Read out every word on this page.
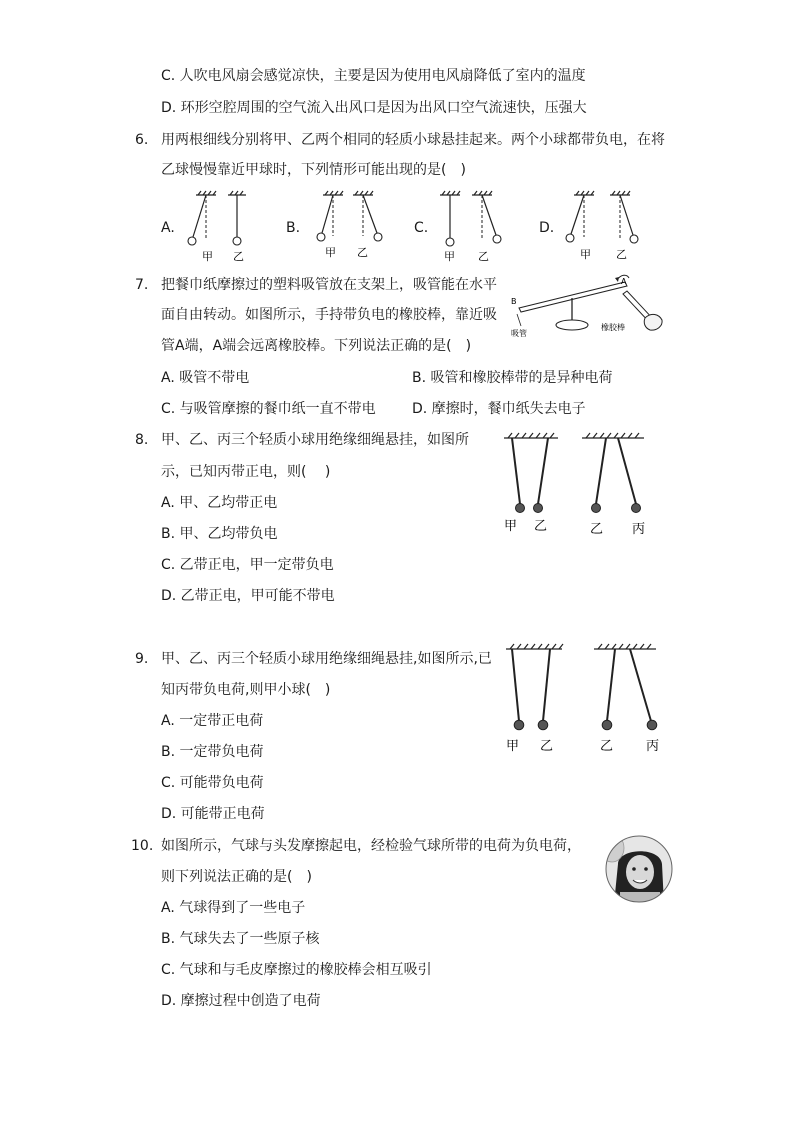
C. 人吹电风扇会感觉凉快，主要是因为使用电风扇降低了室内的温度
D. 环形空腔周围的空气流入出风口是因为出风口空气流速快，压强大
6. 用两根细线分别将甲、乙两个相同的轻质小球悬挂起来。两个小球都带负电，在将
乙球慢慢靠近甲球时，下列情形可能出现的是(　)
A.	B.	C.	D.
甲 乙	甲 乙	甲 乙	甲 乙
7. 把餐巾纸摩擦过的塑料吸管放在支架上，吸管能在水平
面自由转动。如图所示，手持带负电的橡胶棒，靠近吸
管A端，A端会远离橡胶棒。下列说法正确的是(　)
A. 吸管不带电	B. 吸管和橡胶棒带的是异种电荷
C. 与吸管摩擦的餐巾纸一直不带电	D. 摩擦时，餐巾纸失去电子
B
A
吸管
橡胶棒
8. 甲、乙、丙三个轻质小球用绝缘细绳悬挂，如图所
示，已知丙带正电，则(　 )
A. 甲、乙均带正电
B. 甲、乙均带负电
C. 乙带正电，甲一定带负电
D. 乙带正电，甲可能不带电
甲 乙	乙 丙
9. 甲、乙、丙三个轻质小球用绝缘细绳悬挂,如图所示,已
知丙带负电荷,则甲小球(　)
A. 一定带正电荷
B. 一定带负电荷
C. 可能带负电荷
D. 可能带正电荷
甲 乙	乙	丙
10. 如图所示，气球与头发摩擦起电，经检验气球所带的电荷为负电荷，
则下列说法正确的是(　)
A. 气球得到了一些电子
B. 气球失去了一些原子核
C. 气球和与毛皮摩擦过的橡胶棒会相互吸引
D. 摩擦过程中创造了电荷
